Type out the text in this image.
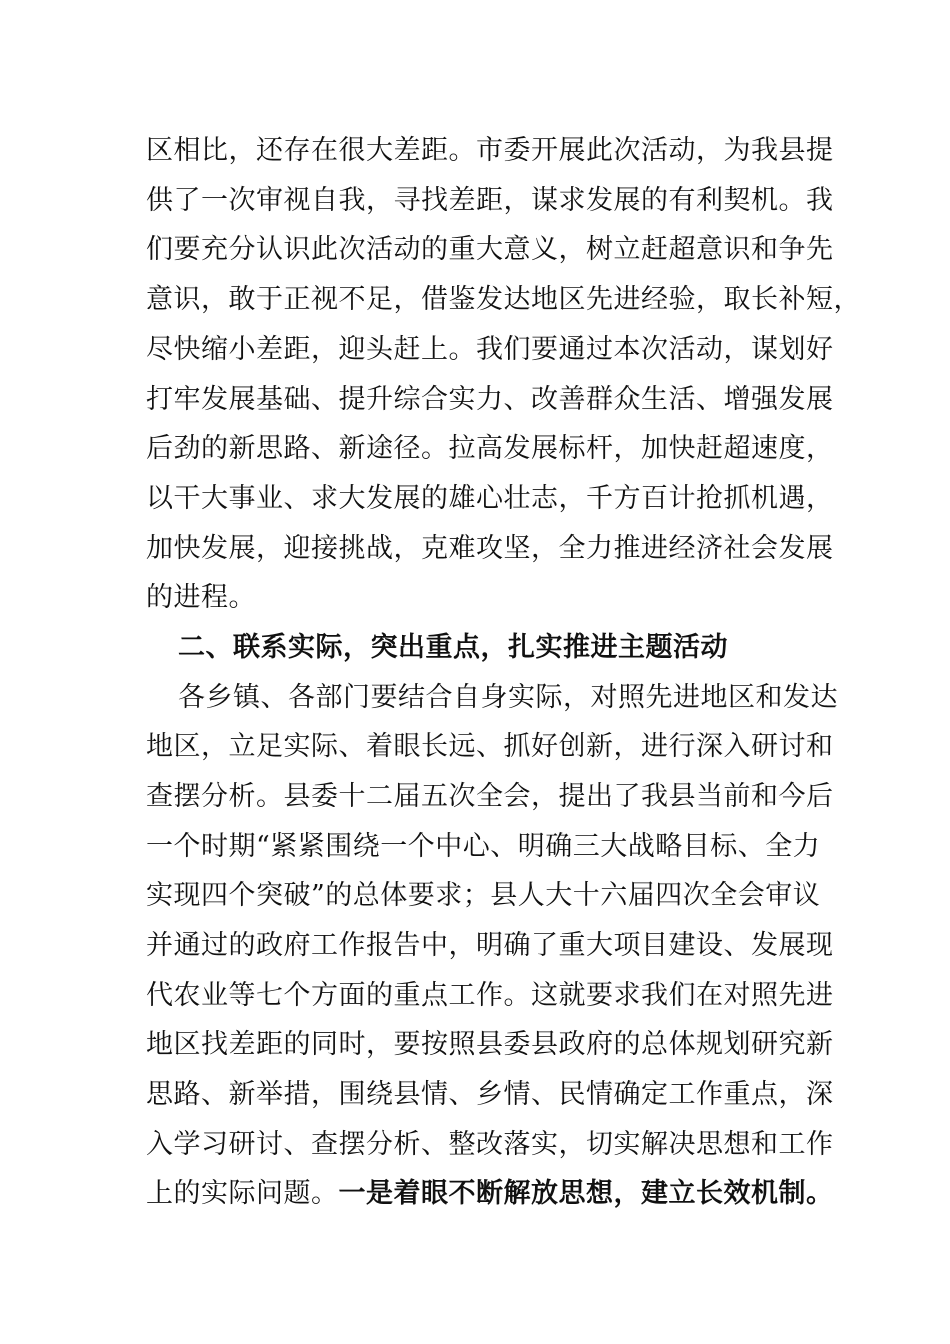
区相比，还存在很大差距。市委开展此次活动，为我县提
供了一次审视自我，寻找差距，谋求发展的有利契机。我
们要充分认识此次活动的重大意义，树立赶超意识和争先
意识，敢于正视不足，借鉴发达地区先进经验，取长补短，
尽快缩小差距，迎头赶上。我们要通过本次活动，谋划好
打牢发展基础、提升综合实力、改善群众生活、增强发展
后劲的新思路、新途径。拉高发展标杆，加快赶超速度，
以干大事业、求大发展的雄心壮志，千方百计抢抓机遇，
加快发展，迎接挑战，克难攻坚，全力推进经济社会发展
的进程。
二、联系实际，突出重点，扎实推进主题活动
各乡镇、各部门要结合自身实际，对照先进地区和发达
地区，立足实际、着眼长远、抓好创新，进行深入研讨和
查摆分析。县委十二届五次全会，提出了我县当前和今后
一个时期“紧紧围绕一个中心、明确三大战略目标、全力
实现四个突破”的总体要求；县人大十六届四次全会审议
并通过的政府工作报告中，明确了重大项目建设、发展现
代农业等七个方面的重点工作。这就要求我们在对照先进
地区找差距的同时，要按照县委县政府的总体规划研究新
思路、新举措，围绕县情、乡情、民情确定工作重点，深
入学习研讨、查摆分析、整改落实，切实解决思想和工作
上的实际问题。一是着眼不断解放思想，建立长效机制。
